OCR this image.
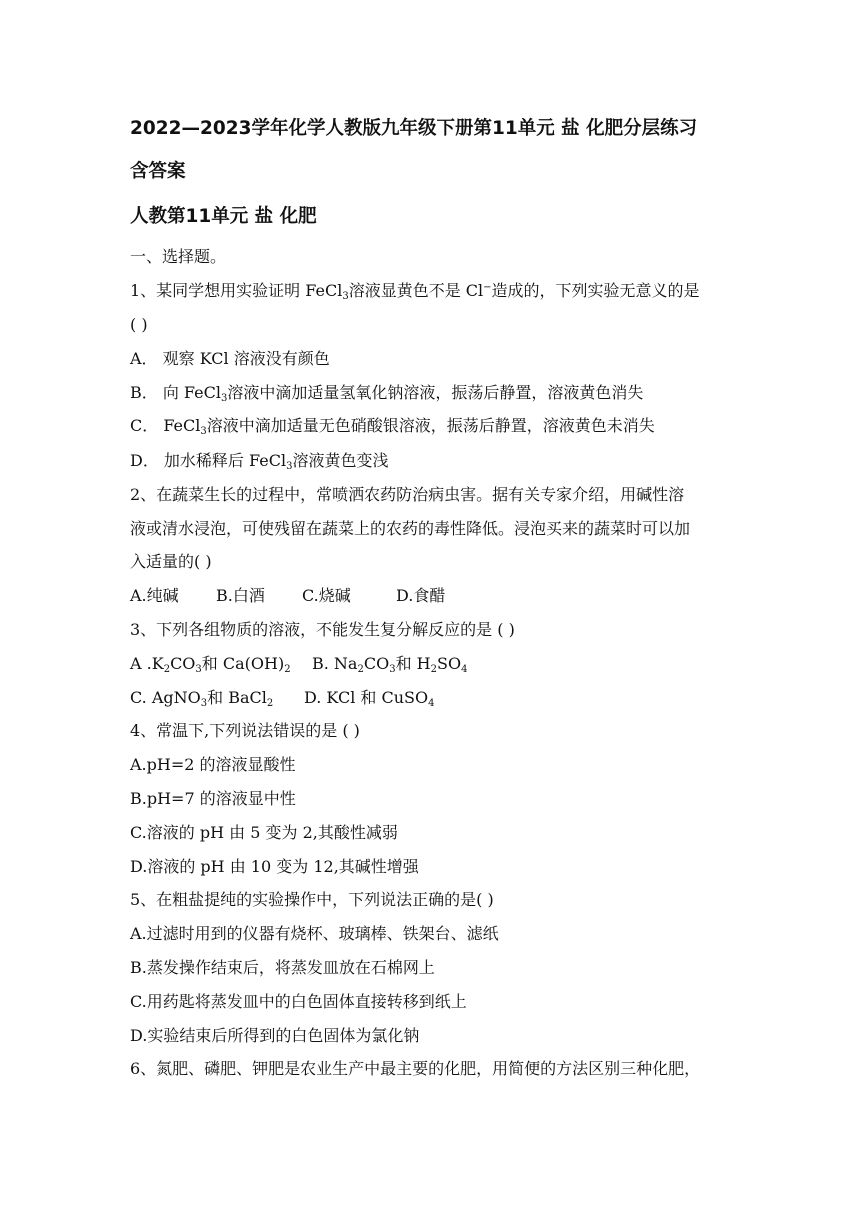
2022—2023学年化学人教版九年级下册第11单元 盐 化肥分层练习
含答案
人教第11单元 盐 化肥
一、选择题。
1、某同学想用实验证明 FeCl$_3$溶液显黄色不是 Cl−造成的，下列实验无意义的是
( )
A． 观察 KCl 溶液没有颜色
B． 向 FeCl$_3$溶液中滴加适量氢氧化钠溶液，振荡后静置，溶液黄色消失
C． FeCl$_3$溶液中滴加适量无色硝酸银溶液，振荡后静置，溶液黄色未消失
D． 加水稀释后 FeCl$_3$溶液黄色变浅
2、在蔬菜生长的过程中，常喷洒农药防治病虫害。据有关专家介绍，用碱性溶
液或清水浸泡，可使残留在蔬菜上的农药的毒性降低。浸泡买来的蔬菜时可以加
入适量的( )
A.纯碱 B.白酒 C.烧碱	D.食醋
3、下列各组物质的溶液，不能发生复分解反应的是 ( )
A $.K_2CO_3$和 $Ca(OH)_2$ B. $Na_2CO_3$和 $H_2SO_4$
C. AgNO$_3$和 BaCl$_2$ D. KCl 和 CuSO$_4$
4、常温下,下列说法错误的是 ( )
A.pH=2 的溶液显酸性
B.pH=7 的溶液显中性
C.溶液的 pH 由 5 变为 2,其酸性减弱
D.溶液的 pH 由 10 变为 12,其碱性增强
5、在粗盐提纯的实验操作中，下列说法正确的是( )
A.过滤时用到的仪器有烧杯、玻璃棒、铁架台、滤纸
B.蒸发操作结束后，将蒸发皿放在石棉网上
C.用药匙将蒸发皿中的白色固体直接转移到纸上
D.实验结束后所得到的白色固体为氯化钠
6、氮肥、磷肥、钾肥是农业生产中最主要的化肥，用简便的方法区别三种化肥，
